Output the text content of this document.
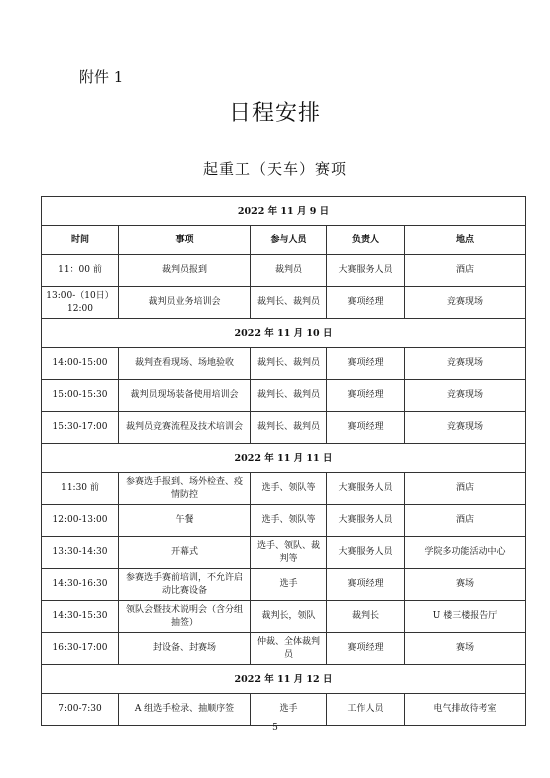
附件 1
日程安排
起重工（天车）赛项
2022 年 11 月 9 日				
时间	事项	参与人员	负责人	地点
11：00 前	裁判员报到	裁判员	大赛服务人员	酒店
13:00-（10日）12:00	裁判员业务培训会	裁判长、裁判员	赛项经理	竞赛现场
2022 年 11 月 10 日				
14:00-15:00	裁判查看现场、场地验收	裁判长、裁判员	赛项经理	竞赛现场
15:00-15:30	裁判员现场装备使用培训会	裁判长、裁判员	赛项经理	竞赛现场
15:30-17:00	裁判员竞赛流程及技术培训会	裁判长、裁判员	赛项经理	竞赛现场
2022 年 11 月 11 日				
11:30 前	参赛选手报到、场外检查、疫情防控	选手、领队等	大赛服务人员	酒店
12:00-13:00	午餐	选手、领队等	大赛服务人员	酒店
13:30-14:30	开幕式	选手、领队、裁判等	大赛服务人员	学院多功能活动中心
14:30-16:30	参赛选手赛前培训，不允许启动比赛设备	选手	赛项经理	赛场
14:30-15:30	领队会暨技术说明会（含分组抽签）	裁判长，领队	裁判长	U 楼三楼报告厅
16:30-17:00	封设备、封赛场	仲裁、全体裁判员	赛项经理	赛场
2022 年 11 月 12 日				
7:00-7:30	A 组选手检录、抽顺序签	选手	工作人员	电气排故待考室
5
